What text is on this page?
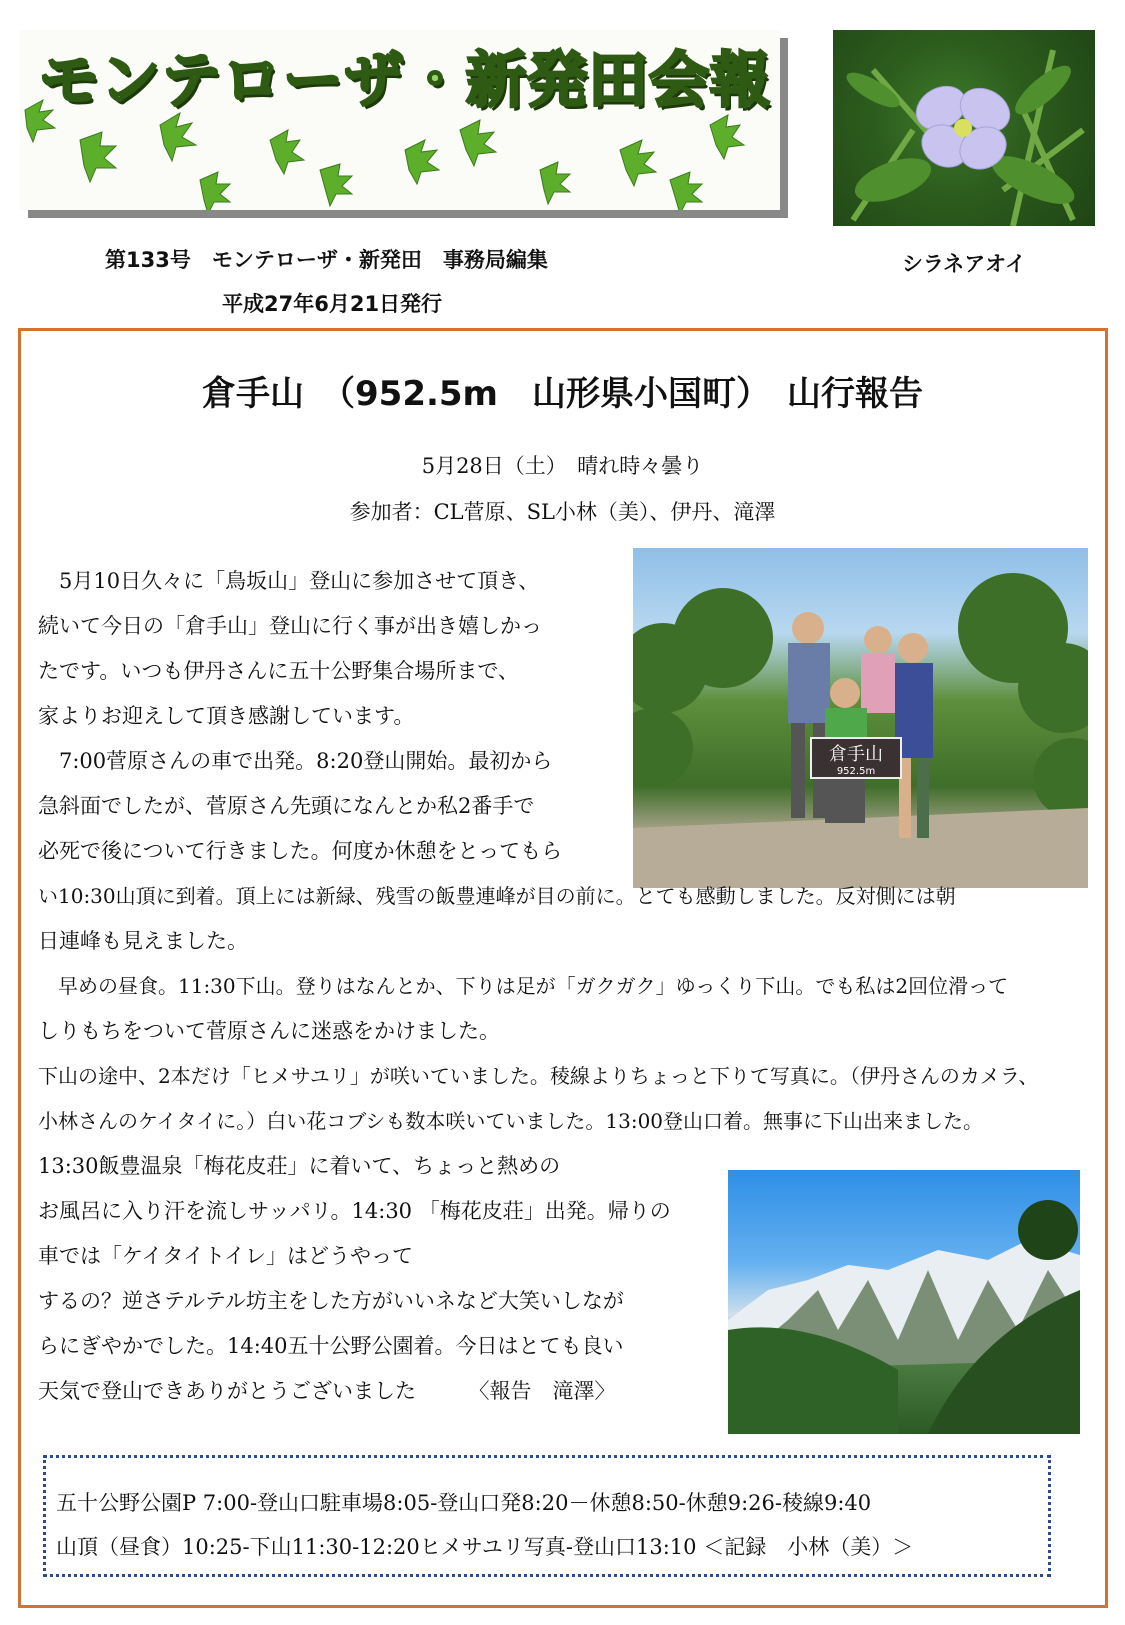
モンテローザ・新発田会報
シラネアオイ
第133号　モンテローザ・新発田　事務局編集
平成27年6月21日発行
倉手山　（952.5m　山形県小国町）　山行報告
5月28日（土）　晴れ時々曇り
参加者：CL菅原、SL小林（美）、伊丹、滝澤
倉手山
952.5m
　5月10日久々に「鳥坂山」登山に参加させて頂き、
続いて今日の「倉手山」登山に行く事が出き嬉しかっ
たです。いつも伊丹さんに五十公野集合場所まで、
家よりお迎えして頂き感謝しています。
　7:00菅原さんの車で出発。8:20登山開始。最初から
急斜面でしたが、菅原さん先頭になんとか私2番手で
必死で後について行きました。何度か休憩をとってもら
い10:30山頂に到着。頂上には新緑、残雪の飯豊連峰が目の前に。とても感動しました。反対側には朝
日連峰も見えました。
　早めの昼食。11:30下山。登りはなんとか、下りは足が「ガクガク」ゆっくり下山。でも私は2回位滑って
しりもちをついて菅原さんに迷惑をかけました。
下山の途中、2本だけ「ヒメサユリ」が咲いていました。稜線よりちょっと下りて写真に。（伊丹さんのカメラ、
小林さんのケイタイに。）白い花コブシも数本咲いていました。13:00登山口着。無事に下山出来ました。
13:30飯豊温泉「梅花皮荘」に着いて、ちょっと熱めの
お風呂に入り汗を流しサッパリ。14:30 「梅花皮荘」出発。帰りの
車では「ケイタイトイレ」はどうやって
するの？逆さテルテル坊主をした方がいいネなど大笑いしなが
らにぎやかでした。14:40五十公野公園着。今日はとても良い
天気で登山できありがとうございました　　　〈報告　滝澤〉
五十公野公園P 7:00-登山口駐車場8:05-登山口発8:20－休憩8:50-休憩9:26-稜線9:40
山頂（昼食）10:25-下山11:30-12:20ヒメサユリ写真-登山口13:10 ＜記録　小林（美）＞
